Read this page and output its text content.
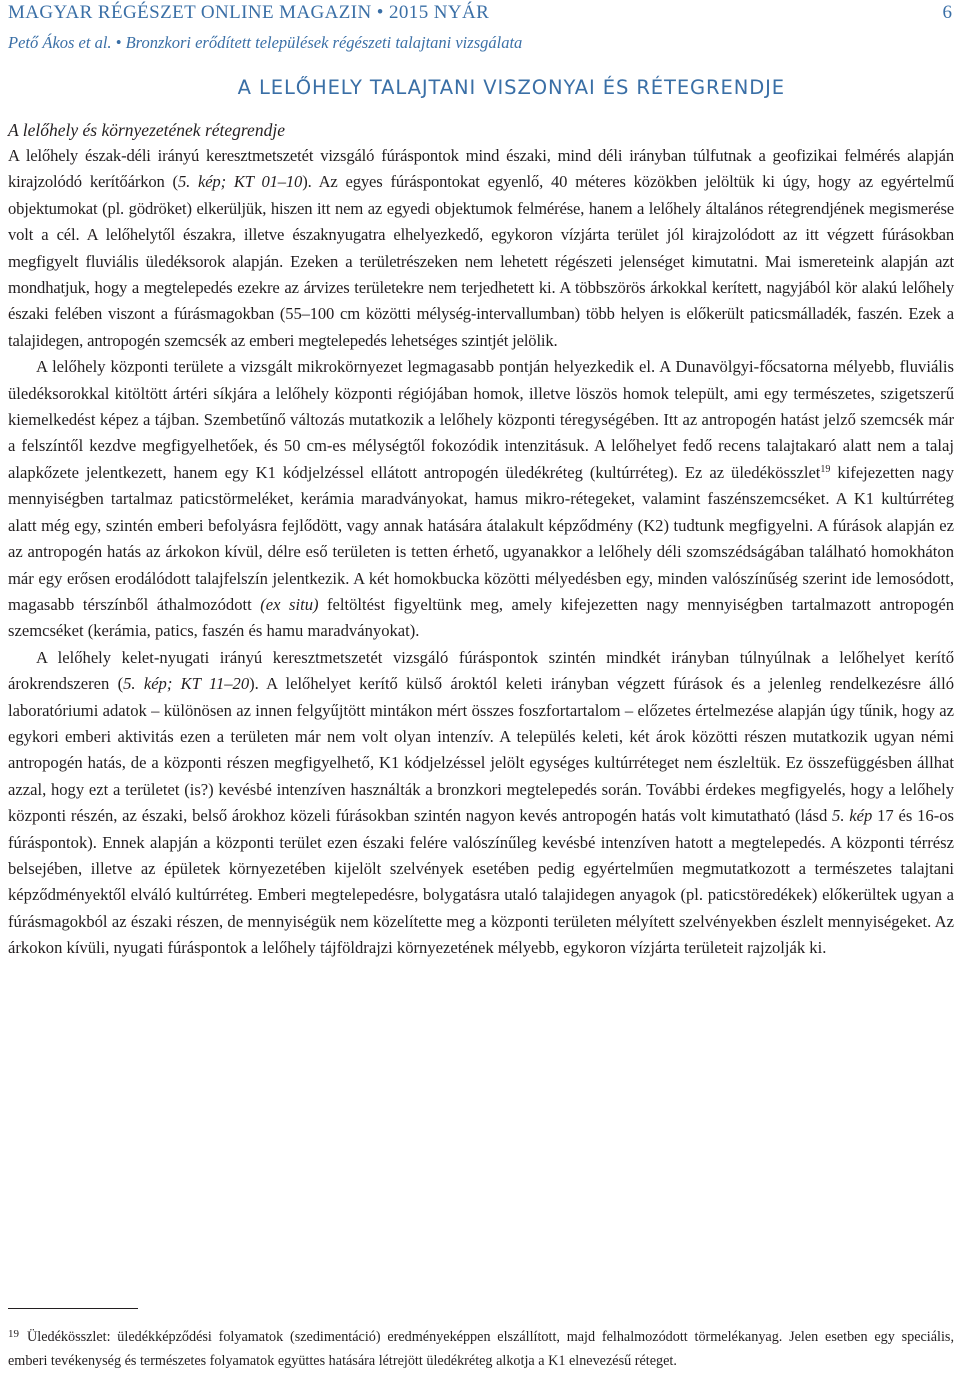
MAGYAR RÉGÉSZET ONLINE MAGAZIN • 2015 NYÁR	6
Pető Ákos et al. • Bronzkori erődített települések régészeti talajtani vizsgálata
A LELŐHELY TALAJTANI VISZONYAI ÉS RÉTEGRENDJE
A lelőhely és környezetének rétegrendje

A lelőhely észak-déli irányú keresztmetszetét vizsgáló fúráspontok mind északi, mind déli irányban túlfutnak a geofizikai felmérés alapján kirajzolódó kerítőárkon (5. kép; KT 01–10). Az egyes fúráspontokat egyenlő, 40 méteres közökben jelöltük ki úgy, hogy az egyértelmű objektumokat (pl. gödröket) elkerüljük, hiszen itt nem az egyedi objektumok felmérése, hanem a lelőhely általános rétegrendjének megismerése volt a cél. A lelőhelytől északra, illetve északnyugatra elhelyezkedő, egykoron vízjárta terület jól kirajzolódott az itt végzett fúrásokban megfigyelt fluviális üledéksorok alapján. Ezeken a területrészeken nem lehetett régészeti jelenséget kimutatni. Mai ismereteink alapján azt mondhatjuk, hogy a megtelepedés ezekre az árvizes területekre nem terjedhetett ki. A többszörös árkokkal kerített, nagyjából kör alakú lelőhely északi felében viszont a fúrásmagokban (55–100 cm közötti mélység-intervallumban) több helyen is előkerült paticsmálladék, faszén. Ezek a talajidegen, antropogén szemcsék az emberi megtelepedés lehetséges szintjét jelölik.

A lelőhely központi területe a vizsgált mikrokörnyezet legmagasabb pontján helyezkedik el. A Dunavölgyi-főcsatorna mélyebb, fluviális üledéksorokkal kitöltött ártéri síkjára a lelőhely központi régiójában homok, illetve löszös homok települt, ami egy természetes, szigetszerű kiemelkedést képez a tájban. Szembetűnő változás mutatkozik a lelőhely központi téregységében. Itt az antropogén hatást jelző szemcsék már a felszíntől kezdve megfigyelhetőek, és 50 cm-es mélységtől fokozódik intenzitásuk. A lelőhelyet fedő recens talajtakaró alatt nem a talaj alapkőzete jelentkezett, hanem egy K1 kódjelzéssel ellátott antropogén üledékréteg (kultúrréteg). Ez az üledékösszlet$^{19}$ kifejezetten nagy mennyiségben tartalmaz paticstörmeléket, kerámia maradványokat, hamus mikro-rétegeket, valamint faszénszemcséket. A K1 kultúrréteg alatt még egy, szintén emberi befolyásra fejlődött, vagy annak hatására átalakult képződmény (K2) tudtunk megfigyelni. A fúrások alapján ez az antropogén hatás az árkokon kívül, délre eső területen is tetten érhető, ugyanakkor a lelőhely déli szomszédságában található homokháton már egy erősen erodálódott talajfelszín jelentkezik. A két homokbucka közötti mélyedésben egy, minden valószínűség szerint ide lemosódott, magasabb térszínből áthalmozódott (ex situ) feltöltést figyeltünk meg, amely kifejezetten nagy mennyiségben tartalmazott antropogén szemcséket (kerámia, patics, faszén és hamu maradványokat).

A lelőhely kelet-nyugati irányú keresztmetszetét vizsgáló fúráspontok szintén mindkét irányban túlnyúlnak a lelőhelyet kerítő árokrendszeren (5. kép; KT 11–20). A lelőhelyet kerítő külső ároktól keleti irányban végzett fúrások és a jelenleg rendelkezésre álló laboratóriumi adatok – különösen az innen felgyűjtött mintákon mért összes foszfortartalom – előzetes értelmezése alapján úgy tűnik, hogy az egykori emberi aktivitás ezen a területen már nem volt olyan intenzív. A település keleti, két árok közötti részen mutatkozik ugyan némi antropogén hatás, de a központi részen megfigyelhető, K1 kódjelzéssel jelölt egységes kultúrréteget nem észleltük. Ez összefüggésben állhat azzal, hogy ezt a területet (is?) kevésbé intenzíven használták a bronzkori megtelepedés során. További érdekes megfigyelés, hogy a lelőhely központi részén, az északi, belső árokhoz közeli fúrásokban szintén nagyon kevés antropogén hatás volt kimutatható (lásd 5. kép 17 és 16-os fúráspontok). Ennek alapján a központi terület ezen északi felére valószínűleg kevésbé intenzíven hatott a megtelepedés. A központi térrész belsejében, illetve az épületek környezetében kijelölt szelvények esetében pedig egyértelműen megmutatkozott a természetes talajtani képződményektől elváló kultúrréteg. Emberi megtelepedésre, bolygatásra utaló talajidegen anyagok (pl. paticstöredékek) előkerültek ugyan a fúrásmagokból az északi részen, de mennyiségük nem közelítette meg a központi területen mélyített szelvényekben észlelt mennyiségeket. Az árkokon kívüli, nyugati fúráspontok a lelőhely tájföldrajzi környezetének mélyebb, egykoron vízjárta területeit rajzolják ki.

$^{19}$ Üledékösszlet: üledékképződési folyamatok (szedimentáció) eredményeképpen elszállított, majd felhalmozódott törmelékanyag. Jelen esetben egy speciális, emberi tevékenység és természetes folyamatok együttes hatására létrejött üledékréteg alkotja a K1 elnevezésű réteget.
